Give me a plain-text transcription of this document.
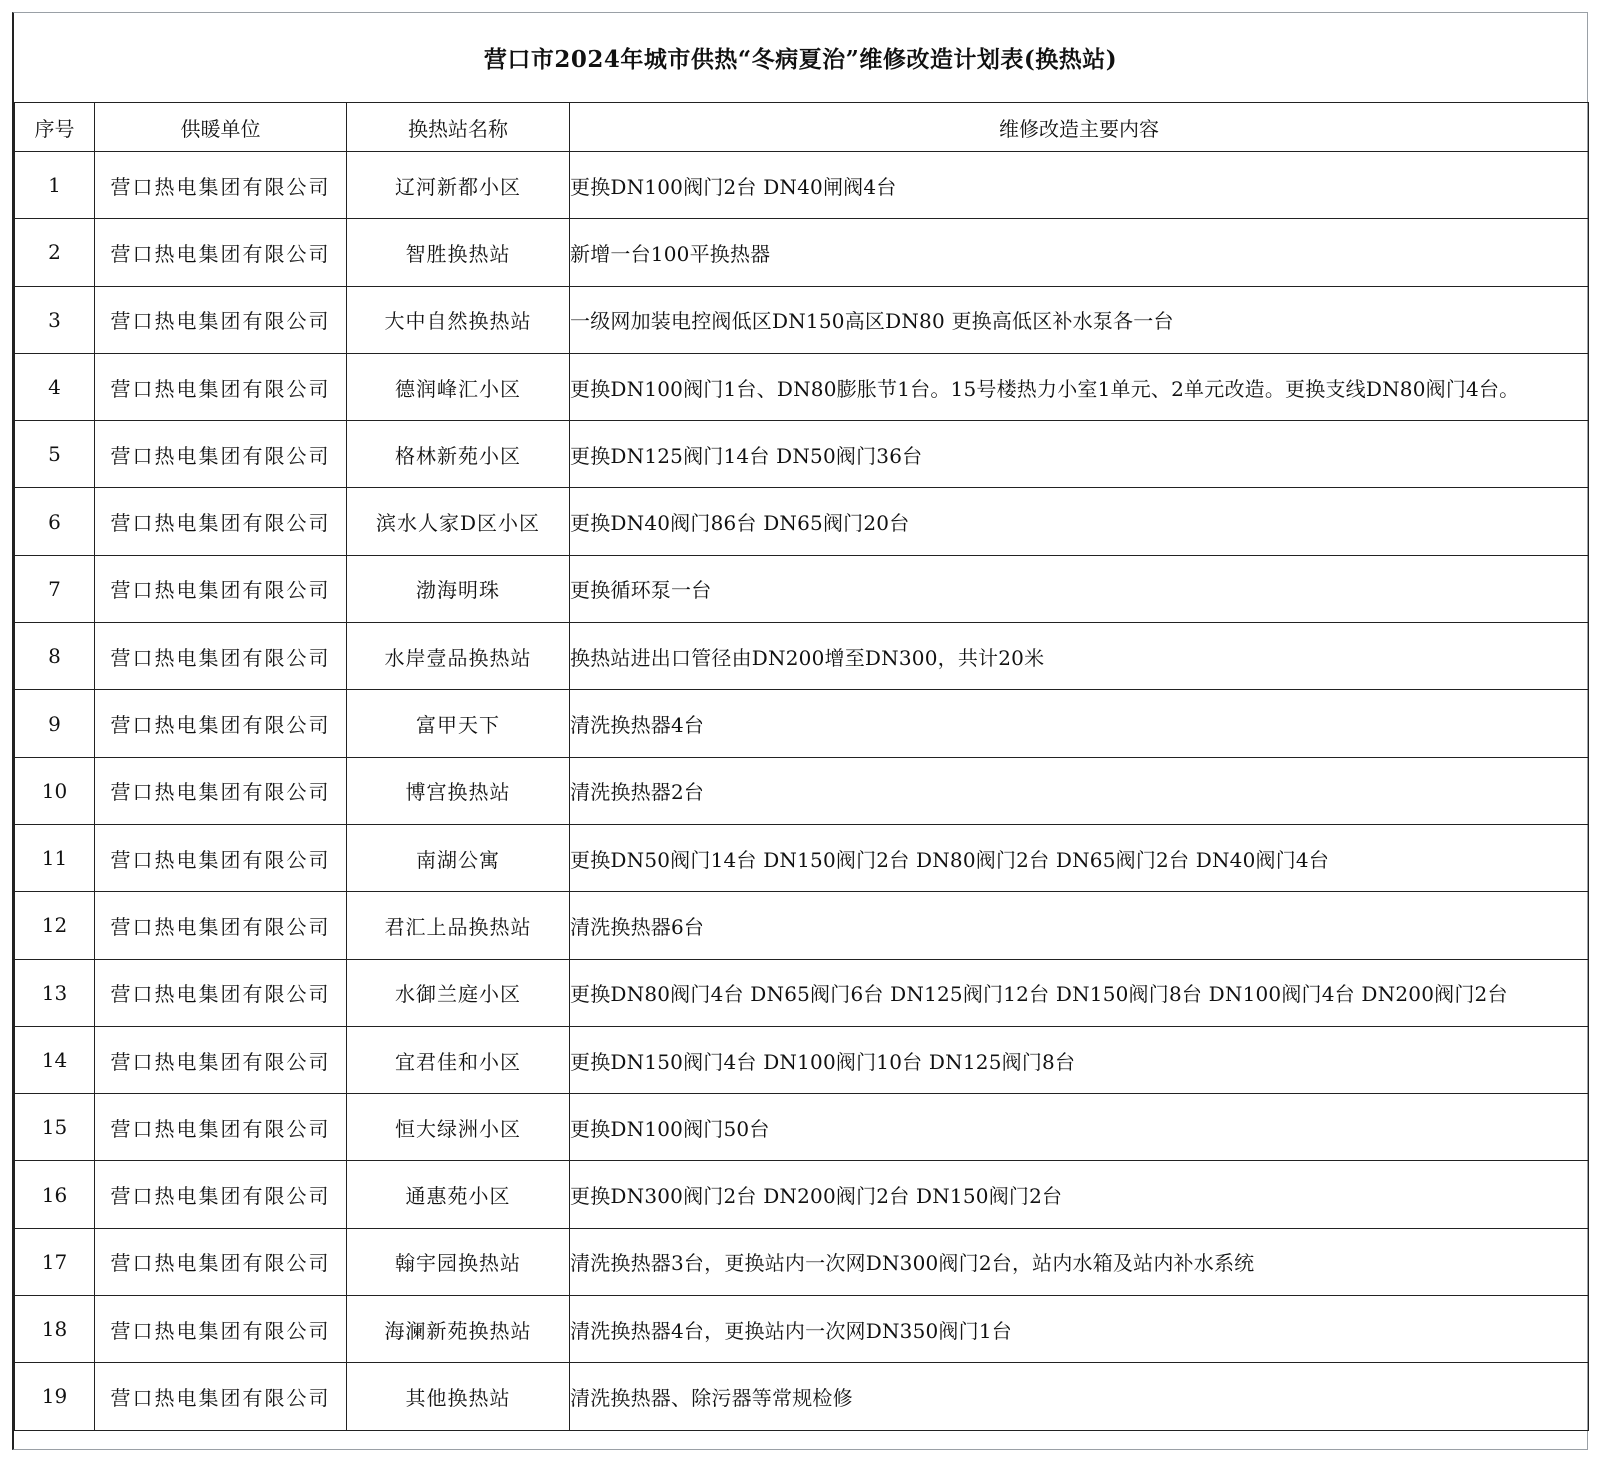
营口市2024年城市供热“冬病夏治”维修改造计划表(换热站)
序号	供暖单位	换热站名称	维修改造主要内容
1	营口热电集团有限公司	辽河新都小区	更换DN100阀门2台 DN40闸阀4台
2	营口热电集团有限公司	智胜换热站	新增一台100平换热器
3	营口热电集团有限公司	大中自然换热站	一级网加装电控阀低区DN150高区DN80 更换高低区补水泵各一台
4	营口热电集团有限公司	德润峰汇小区	更换DN100阀门1台、DN80膨胀节1台。15号楼热力小室1单元、2单元改造。更换支线DN80阀门4台。
5	营口热电集团有限公司	格林新苑小区	更换DN125阀门14台 DN50阀门36台
6	营口热电集团有限公司	滨水人家D区小区	更换DN40阀门86台 DN65阀门20台
7	营口热电集团有限公司	渤海明珠	更换循环泵一台
8	营口热电集团有限公司	水岸壹品换热站	换热站进出口管径由DN200增至DN300，共计20米
9	营口热电集团有限公司	富甲天下	清洗换热器4台
10	营口热电集团有限公司	博宫换热站	清洗换热器2台
11	营口热电集团有限公司	南湖公寓	更换DN50阀门14台 DN150阀门2台 DN80阀门2台 DN65阀门2台 DN40阀门4台
12	营口热电集团有限公司	君汇上品换热站	清洗换热器6台
13	营口热电集团有限公司	水御兰庭小区	更换DN80阀门4台 DN65阀门6台 DN125阀门12台 DN150阀门8台 DN100阀门4台 DN200阀门2台
14	营口热电集团有限公司	宜君佳和小区	更换DN150阀门4台 DN100阀门10台 DN125阀门8台
15	营口热电集团有限公司	恒大绿洲小区	更换DN100阀门50台
16	营口热电集团有限公司	通惠苑小区	更换DN300阀门2台 DN200阀门2台 DN150阀门2台
17	营口热电集团有限公司	翰宇园换热站	清洗换热器3台，更换站内一次网DN300阀门2台，站内水箱及站内补水系统
18	营口热电集团有限公司	海澜新苑换热站	清洗换热器4台，更换站内一次网DN350阀门1台
19	营口热电集团有限公司	其他换热站	清洗换热器、除污器等常规检修
